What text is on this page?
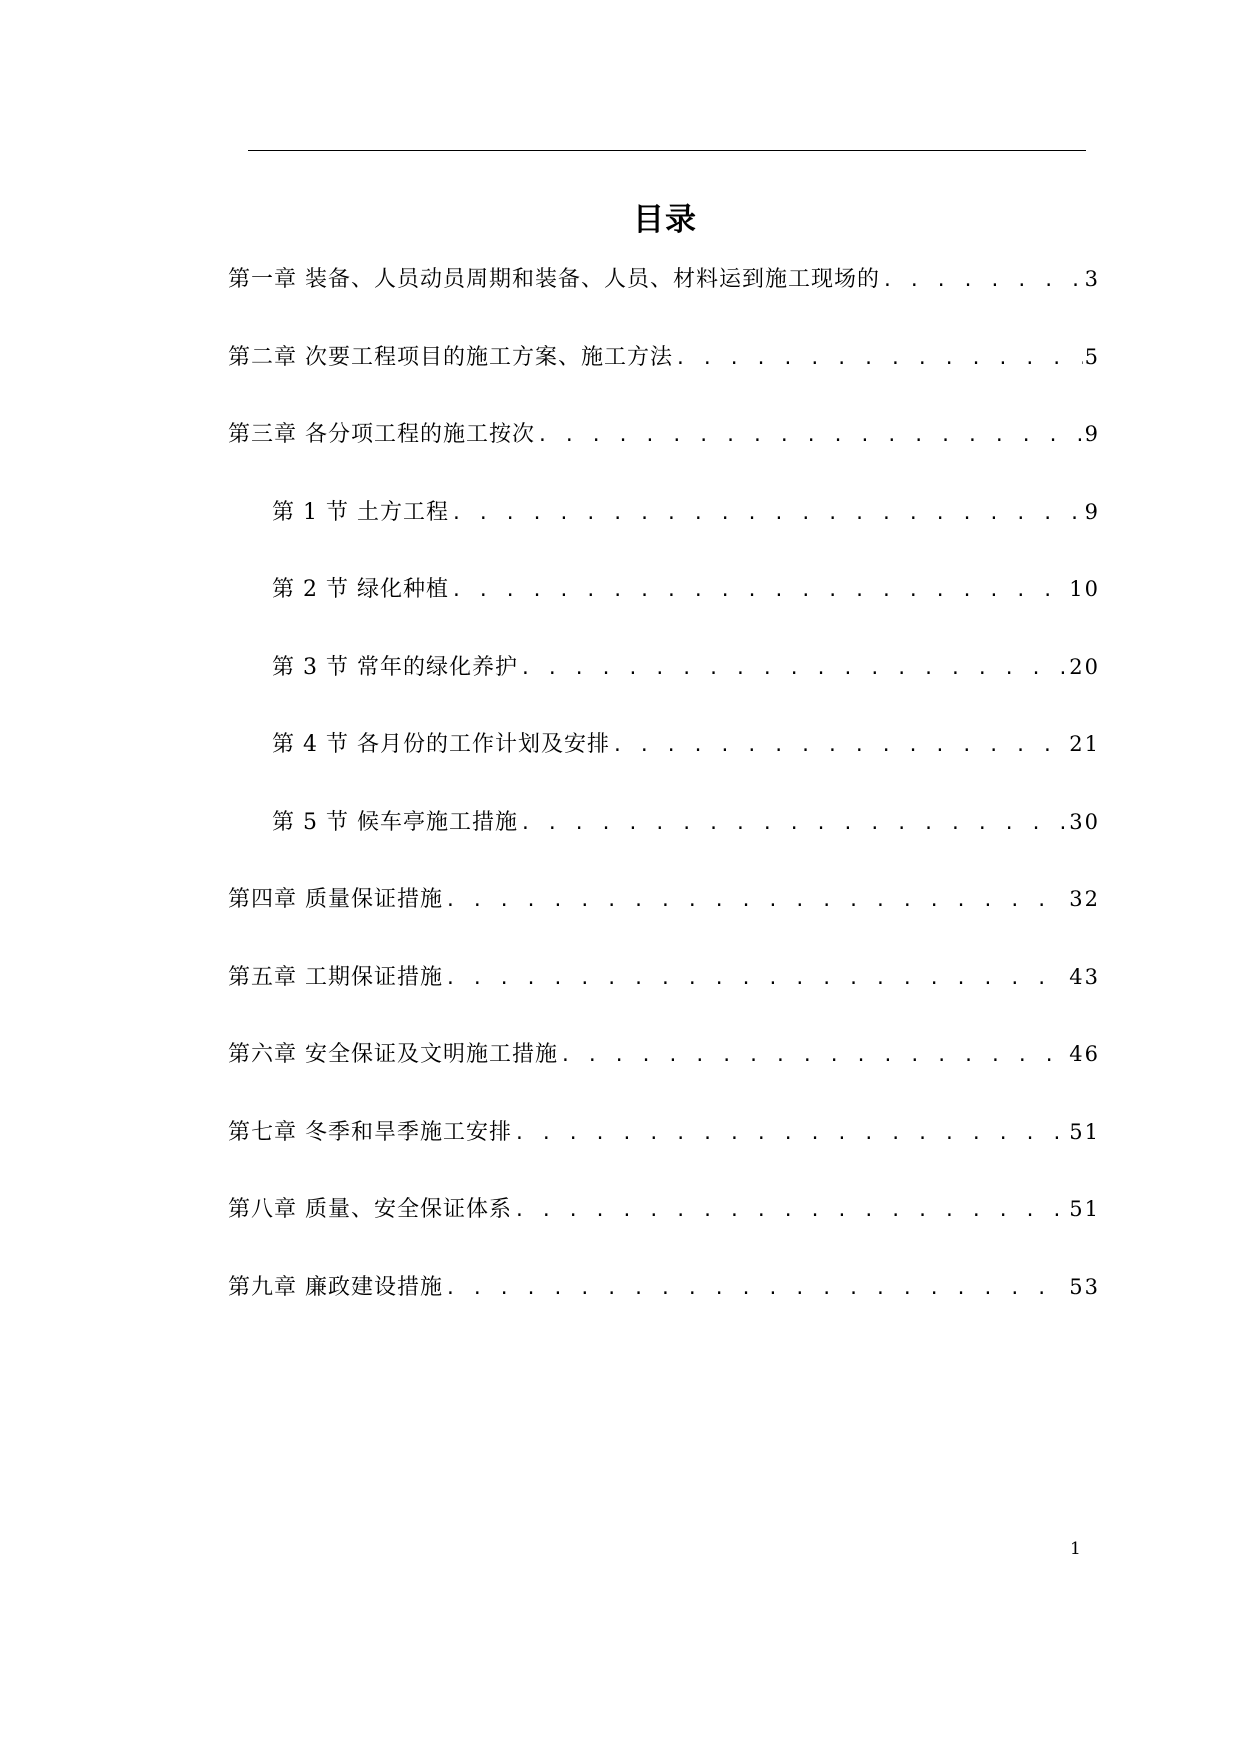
目录
第一章 装备、人员动员周期和装备、人员、材料运到施工现场的 . . .	3
第二章 次要工程项目的施工方案、施工方法 . . .	5
第三章 各分项工程的施工按次 . . .	9
第 1 节 土方工程 . . .	9
第 2 节 绿化种植 . . .	10
第 3 节 常年的绿化养护 . . .	20
第 4 节 各月份的工作计划及安排 . . .	21
第 5 节 候车亭施工措施 . . .	30
第四章 质量保证措施 . . .	32
第五章 工期保证措施 . . .	43
第六章 安全保证及文明施工措施 . . .	46
第七章 冬季和旱季施工安排 . . .	51
第八章 质量、安全保证体系 . . .	51
第九章 廉政建设措施 . . .	53
1
